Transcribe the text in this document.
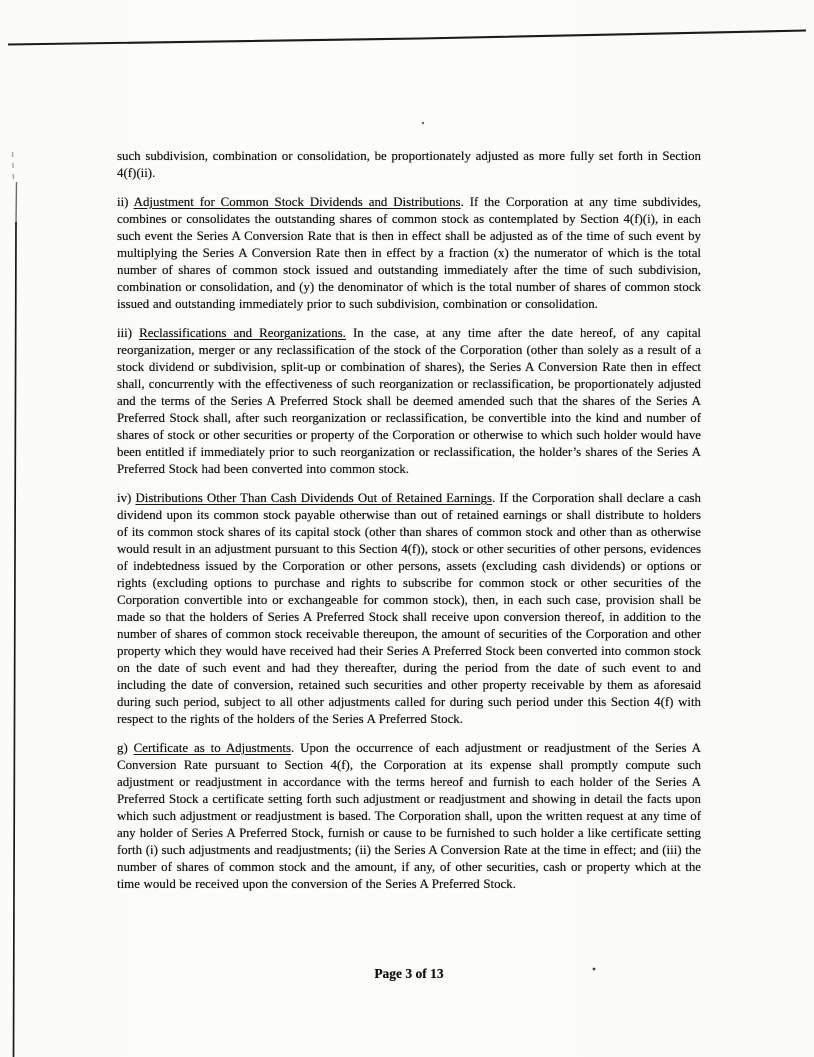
such subdivision, combination or consolidation, be proportionately adjusted as more fully set forth in Section 4(f)(ii).

ii) Adjustment for Common Stock Dividends and Distributions. If the Corporation at any time subdivides, combines or consolidates the outstanding shares of common stock as contemplated by Section 4(f)(i), in each such event the Series A Conversion Rate that is then in effect shall be adjusted as of the time of such event by multiplying the Series A Conversion Rate then in effect by a fraction (x) the numerator of which is the total number of shares of common stock issued and outstanding immediately after the time of such subdivision, combination or consolidation, and (y) the denominator of which is the total number of shares of common stock issued and outstanding immediately prior to such subdivision, combination or consolidation.

iii) Reclassifications and Reorganizations. In the case, at any time after the date hereof, of any capital reorganization, merger or any reclassification of the stock of the Corporation (other than solely as a result of a stock dividend or subdivision, split-up or combination of shares), the Series A Conversion Rate then in effect shall, concurrently with the effectiveness of such reorganization or reclassification, be proportionately adjusted and the terms of the Series A Preferred Stock shall be deemed amended such that the shares of the Series A Preferred Stock shall, after such reorganization or reclassification, be convertible into the kind and number of shares of stock or other securities or property of the Corporation or otherwise to which such holder would have been entitled if immediately prior to such reorganization or reclassification, the holder’s shares of the Series A Preferred Stock had been converted into common stock.

iv) Distributions Other Than Cash Dividends Out of Retained Earnings. If the Corporation shall declare a cash dividend upon its common stock payable otherwise than out of retained earnings or shall distribute to holders of its common stock shares of its capital stock (other than shares of common stock and other than as otherwise would result in an adjustment pursuant to this Section 4(f)), stock or other securities of other persons, evidences of indebtedness issued by the Corporation or other persons, assets (excluding cash dividends) or options or rights (excluding options to purchase and rights to subscribe for common stock or other securities of the Corporation convertible into or exchangeable for common stock), then, in each such case, provision shall be made so that the holders of Series A Preferred Stock shall receive upon conversion thereof, in addition to the number of shares of common stock receivable thereupon, the amount of securities of the Corporation and other property which they would have received had their Series A Preferred Stock been converted into common stock on the date of such event and had they thereafter, during the period from the date of such event to and including the date of conversion, retained such securities and other property receivable by them as aforesaid during such period, subject to all other adjustments called for during such period under this Section 4(f) with respect to the rights of the holders of the Series A Preferred Stock.

g) Certificate as to Adjustments. Upon the occurrence of each adjustment or readjustment of the Series A Conversion Rate pursuant to Section 4(f), the Corporation at its expense shall promptly compute such adjustment or readjustment in accordance with the terms hereof and furnish to each holder of the Series A Preferred Stock a certificate setting forth such adjustment or readjustment and showing in detail the facts upon which such adjustment or readjustment is based. The Corporation shall, upon the written request at any time of any holder of Series A Preferred Stock, furnish or cause to be furnished to such holder a like certificate setting forth (i) such adjustments and readjustments; (ii) the Series A Conversion Rate at the time in effect; and (iii) the number of shares of common stock and the amount, if any, of other securities, cash or property which at the time would be received upon the conversion of the Series A Preferred Stock.

Page 3 of 13
